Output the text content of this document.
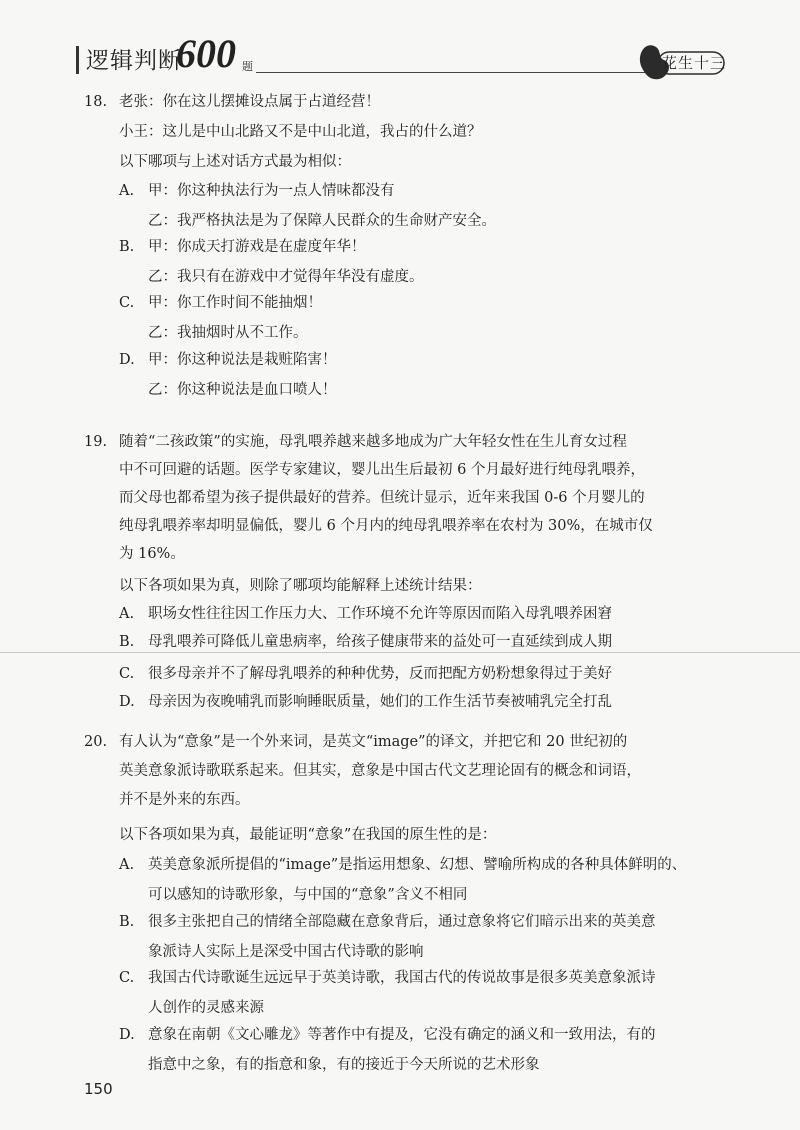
逻辑判断
600 题	花生十三
18. 老张：你在这儿摆摊设点属于占道经营！
小王：这儿是中山北路又不是中山北道，我占的什么道？
以下哪项与上述对话方式最为相似：
A. 甲：你这种执法行为一点人情味都没有
乙：我严格执法是为了保障人民群众的生命财产安全。
B. 甲：你成天打游戏是在虚度年华！
乙：我只有在游戏中才觉得年华没有虚度。
C. 甲：你工作时间不能抽烟！
乙：我抽烟时从不工作。
D. 甲：你这种说法是栽赃陷害！
乙：你这种说法是血口喷人！
19. 随着“二孩政策”的实施，母乳喂养越来越多地成为广大年轻女性在生儿育女过程
中不可回避的话题。医学专家建议，婴儿出生后最初 6 个月最好进行纯母乳喂养，
而父母也都希望为孩子提供最好的营养。但统计显示，近年来我国 0-6 个月婴儿的
纯母乳喂养率却明显偏低，婴儿 6 个月内的纯母乳喂养率在农村为 30%，在城市仅
为 16%。
以下各项如果为真，则除了哪项均能解释上述统计结果：
A. 职场女性往往因工作压力大、工作环境不允许等原因而陷入母乳喂养困窘
B. 母乳喂养可降低儿童患病率，给孩子健康带来的益处可一直延续到成人期
C. 很多母亲并不了解母乳喂养的种种优势，反而把配方奶粉想象得过于美好
D. 母亲因为夜晚哺乳而影响睡眠质量，她们的工作生活节奏被哺乳完全打乱
20. 有人认为“意象”是一个外来词，是英文“image”的译文，并把它和 20 世纪初的
英美意象派诗歌联系起来。但其实，意象是中国古代文艺理论固有的概念和词语，
并不是外来的东西。
以下各项如果为真，最能证明“意象”在我国的原生性的是：
A. 英美意象派所提倡的“image”是指运用想象、幻想、譬喻所构成的各种具体鲜明的、
可以感知的诗歌形象，与中国的“意象”含义不相同
B. 很多主张把自己的情绪全部隐藏在意象背后，通过意象将它们暗示出来的英美意
象派诗人实际上是深受中国古代诗歌的影响
C. 我国古代诗歌诞生远远早于英美诗歌，我国古代的传说故事是很多英美意象派诗
人创作的灵感来源
D. 意象在南朝《文心雕龙》等著作中有提及，它没有确定的涵义和一致用法，有的
指意中之象，有的指意和象，有的接近于今天所说的艺术形象
150
